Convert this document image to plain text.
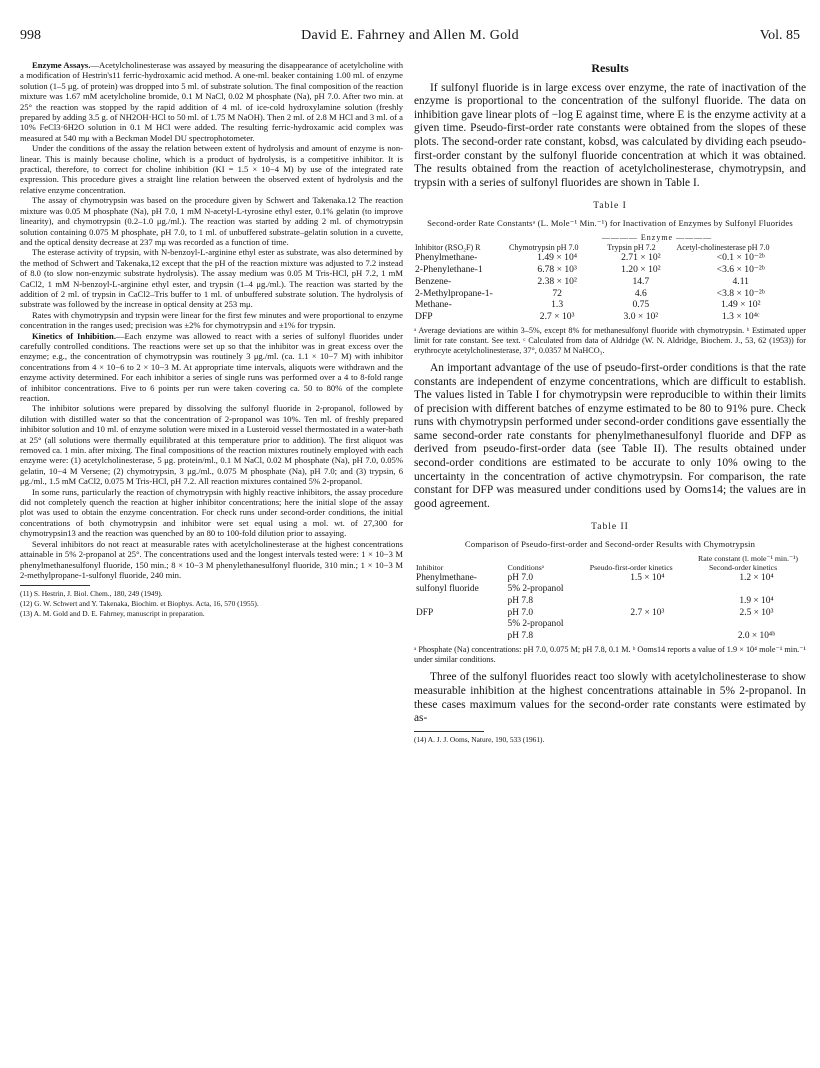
998	David E. Fahrney and Allen M. Gold	Vol. 85

Enzyme Assays.—Acetylcholinesterase was assayed by measuring the disappearance of acetylcholine with a modification of Hestrin's11 ferric-hydroxamic acid method. A one-ml. beaker containing 1.00 ml. of enzyme solution (1–5 μg. of protein) was dropped into 5 ml. of substrate solution. The final composition of the reaction mixture was 1.67 mM acetylcholine bromide, 0.1 M NaCl, 0.02 M phosphate (Na), pH 7.0. After two min. at 25° the reaction was stopped by the rapid addition of 4 ml. of ice-cold hydroxylamine solution (freshly prepared by adding 3.5 g. of NH2OH·HCl to 50 ml. of 1.75 M NaOH). Then 2 ml. of 2.8 M HCl and 3 ml. of a 10% FeCl3·6H2O solution in 0.1 M HCl were added. The resulting ferric-hydroxamic acid complex was measured at 540 mμ with a Beckman Model DU spectrophotometer.

Under the conditions of the assay the relation between extent of hydrolysis and amount of enzyme is non-linear. This is mainly because choline, which is a product of hydrolysis, is a competitive inhibitor. It is practical, therefore, to correct for choline inhibition (KI = 1.5 × 10−4 M) by use of the integrated rate expression. This procedure gives a straight line relation between the observed extent of hydrolysis and the relative enzyme concentration.

The assay of chymotrypsin was based on the procedure given by Schwert and Takenaka.12 The reaction mixture was 0.05 M phosphate (Na), pH 7.0, 1 mM N-acetyl-L-tyrosine ethyl ester, 0.1% gelatin (to improve linearity), and chymotrypsin (0.2–1.0 μg./ml.). The reaction was started by adding 2 ml. of chymotrypsin solution containing 0.075 M phosphate, pH 7.0, to 1 ml. of unbuffered substrate–gelatin solution in a cuvette, and the optical density decrease at 237 mμ was recorded as a function of time.

The esterase activity of trypsin, with N-benzoyl-L-arginine ethyl ester as substrate, was also determined by the method of Schwert and Takenaka,12 except that the pH of the reaction mixture was adjusted to 7.2 instead of 8.0 (to slow non-enzymic substrate hydrolysis). The assay medium was 0.05 M Tris-HCl, pH 7.2, 1 mM CaCl2, 1 mM N-benzoyl-L-arginine ethyl ester, and trypsin (1–4 μg./ml.). The reaction was started by the addition of 2 ml. of trypsin in CaCl2–Tris buffer to 1 ml. of unbuffered substrate solution. The hydrolysis of substrate was followed by the increase in optical density at 253 mμ.

Rates with chymotrypsin and trypsin were linear for the first few minutes and were proportional to enzyme concentration in the ranges used; precision was ±2% for chymotrypsin and ±1% for trypsin.

Kinetics of Inhibition.—Each enzyme was allowed to react with a series of sulfonyl fluorides under carefully controlled conditions. The reactions were set up so that the inhibitor was in great excess over the enzyme; e.g., the concentration of chymotrypsin was routinely 3 μg./ml. (ca. 1.1 × 10−7 M) with inhibitor concentrations from 4 × 10−6 to 2 × 10−3 M. At appropriate time intervals, aliquots were withdrawn and the enzyme activity determined. For each inhibitor a series of single runs was performed over a 4 to 8-fold range of inhibitor concentrations. Five to 6 points per run were taken covering ca. 50 to 80% of the complete reaction.

The inhibitor solutions were prepared by dissolving the sulfonyl fluoride in 2-propanol, followed by dilution with distilled water so that the concentration of 2-propanol was 10%. Ten ml. of freshly prepared inhibitor solution and 10 ml. of enzyme solution were mixed in a Lusteroid vessel thermostated in a water-bath at 25° (all solutions were thermally equilibrated at this temperature prior to addition). The first aliquot was removed ca. 1 min. after mixing. The final compositions of the reaction mixtures routinely employed with each enzyme were: (1) acetylcholinesterase, 5 μg. protein/ml., 0.1 M NaCl, 0.02 M phosphate (Na), pH 7.0, 0.05% gelatin, 10−4 M Versene; (2) chymotrypsin, 3 μg./ml., 0.075 M phosphate (Na), pH 7.0; and (3) trypsin, 6 μg./ml., 1.5 mM CaCl2, 0.075 M Tris-HCl, pH 7.2. All reaction mixtures contained 5% 2-propanol.

In some runs, particularly the reaction of chymotrypsin with highly reactive inhibitors, the assay procedure did not completely quench the reaction at higher inhibitor concentrations; here the initial slope of the assay plot was used to obtain the enzyme concentration. For check runs under second-order conditions, the initial concentrations of both chymotrypsin and inhibitor were set equal using a mol. wt. of 27,300 for chymotrypsin13 and the reaction was quenched by an 80 to 100-fold dilution prior to assaying.

Several inhibitors do not react at measurable rates with acetylcholinesterase at the highest concentrations attainable in 5% 2-propanol at 25°. The concentrations used and the longest intervals tested were: 1 × 10−3 M phenylmethanesulfonyl fluoride, 150 min.; 8 × 10−3 M phenylethanesulfonyl fluoride, 310 min.; 1 × 10−3 M 2-methylpropane-1-sulfonyl fluoride, 240 min.

(11) S. Hestrin, J. Biol. Chem., 180, 249 (1949).

(12) G. W. Schwert and Y. Takenaka, Biochim. et Biophys. Acta, 16, 570 (1955).

(13) A. M. Gold and D. E. Fahrney, manuscript in preparation.

Results

If sulfonyl fluoride is in large excess over enzyme, the rate of inactivation of the enzyme is proportional to the concentration of the sulfonyl fluoride. The data on inhibition gave linear plots of −log E against time, where E is the enzyme activity at a given time. Pseudo-first-order rate constants were obtained from the slopes of these plots. The second-order rate constant, kobsd, was calculated by dividing each pseudo-first-order constant by the sulfonyl fluoride concentration at which it was obtained. The results obtained from the reaction of acetylcholinesterase, chymotrypsin, and trypsin with a series of sulfonyl fluorides are shown in Table I.

Table I
Second-order Rate Constantsᵃ (L. Mole⁻¹ Min.⁻¹) for Inactivation of Enzymes by Sulfonyl Fluorides
	———— Enzyme ————		
Inhibitor (RSO₂F) R	Chymotrypsin pH 7.0	Trypsin pH 7.2	Acetyl-cholinesterase pH 7.0
Phenylmethane-	1.49 × 10⁴	2.71 × 10²	<0.1 × 10⁻²ᵇ
2-Phenylethane-1	6.78 × 10³	1.20 × 10²	<3.6 × 10⁻²ᵇ
Benzene-	2.38 × 10²	14.7	4.11
2-Methylpropane-1-	72	4.6	<3.8 × 10⁻²ᵇ
Methane-	1.3	0.75	1.49 × 10²
DFP	2.7 × 10³	3.0 × 10²	1.3 × 10⁴ᶜ

ᵃ Average deviations are within 3–5%, except 8% for methanesulfonyl fluoride with chymotrypsin. ᵇ Estimated upper limit for rate constant. See text. ᶜ Calculated from data of Aldridge (W. N. Aldridge, Biochem. J., 53, 62 (1953)) for erythrocyte acetylcholinesterase, 37°, 0.0357 M NaHCO₃.

An important advantage of the use of pseudo-first-order conditions is that the rate constants are independent of enzyme concentrations, which are difficult to establish. The values listed in Table I for chymotrypsin were reproducible to within their limits of precision with different batches of enzyme estimated to be 80 to 91% pure. Check runs with chymotrypsin performed under second-order conditions gave essentially the same second-order rate constants for phenylmethanesulfonyl fluoride and DFP as derived from pseudo-first-order data (see Table II). The results obtained under second-order conditions are estimated to be accurate to only 10% owing to the uncertainty in the concentration of active chymotrypsin. For comparison, the rate constant for DFP was measured under conditions used by Ooms14; the values are in good agreement.

Table II
Comparison of Pseudo-first-order and Second-order Results with Chymotrypsin
		Rate constant (l. mole⁻¹ min.⁻¹)	
Inhibitor	Conditionsᵃ	Pseudo-first-order kinetics	Second-order kinetics
Phenylmethane-	pH 7.0	1.5 × 10⁴	1.2 × 10⁴
sulfonyl fluoride	5% 2-propanol		
	pH 7.8		1.9 × 10⁴
DFP	pH 7.0	2.7 × 10³	2.5 × 10³
	5% 2-propanol		
	pH 7.8		2.0 × 10⁴ᵇ

ᵃ Phosphate (Na) concentrations: pH 7.0, 0.075 M; pH 7.8, 0.1 M. ᵇ Ooms14 reports a value of 1.9 × 10⁴ mole⁻¹ min.⁻¹ under similar conditions.

Three of the sulfonyl fluorides react too slowly with acetylcholinesterase to show measurable inhibition at the highest concentrations attainable in 5% 2-propanol. In these cases maximum values for the second-order rate constants were estimated by as-

(14) A. J. J. Ooms, Nature, 190, 533 (1961).
